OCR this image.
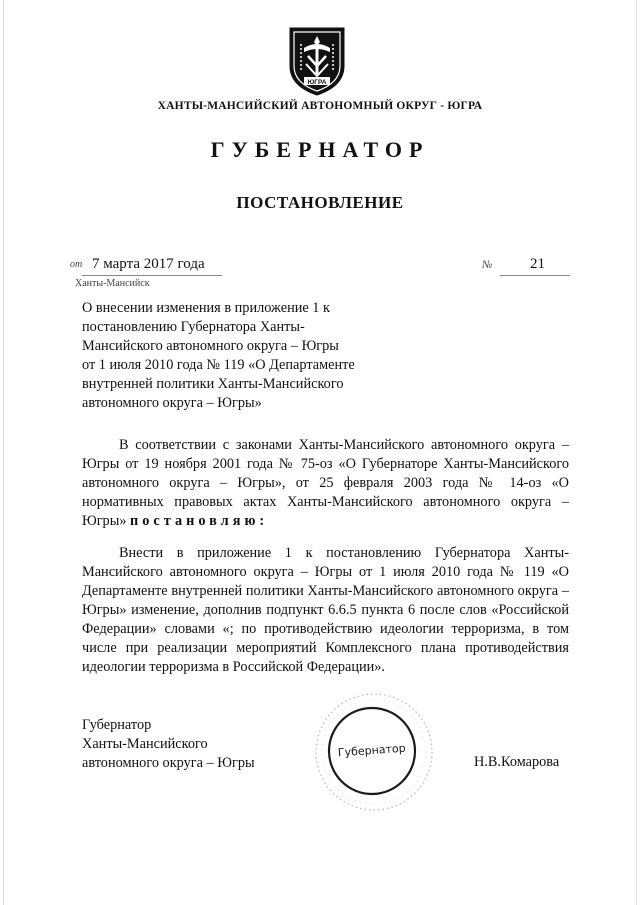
ЮГРА
ХАНТЫ-МАНСИЙСКИЙ АВТОНОМНЫЙ ОКРУГ - ЮГРА
ГУБЕРНАТОР
ПОСТАНОВЛЕНИЕ
от 7 марта 2017 года	№	21
Ханты-Мансийск
О внесении изменения в приложение 1 к
постановлению Губернатора Ханты-
Мансийского автономного округа – Югры
от 1 июля 2010 года № 119 «О Департаменте
внутренней политики Ханты-Мансийского
автономного округа – Югры»
В соответствии с законами Ханты-Мансийского автономного округа – Югры от 19 ноября 2001 года № 75-оз «О Губернаторе Ханты-Мансийского автономного округа – Югры», от 25 февраля 2003 года № 14-оз «О нормативных правовых актах Ханты-Мансийского автономного округа – Югры» постановляю:
Внести в приложение 1 к постановлению Губернатора Ханты-Мансийского автономного округа – Югры от 1 июля 2010 года № 119 «О Департаменте внутренней политики Ханты-Мансийского автономного округа – Югры» изменение, дополнив подпункт 6.6.5 пункта 6 после слов «Российской Федерации» словами «; по противодействию идеологии терроризма, в том числе при реализации мероприятий Комплексного плана противодействия идеологии терроризма в Российской Федерации».
Губернатор
Ханты-Мансийского
автономного округа – Югры
Губернатор
Н.В.Комарова
